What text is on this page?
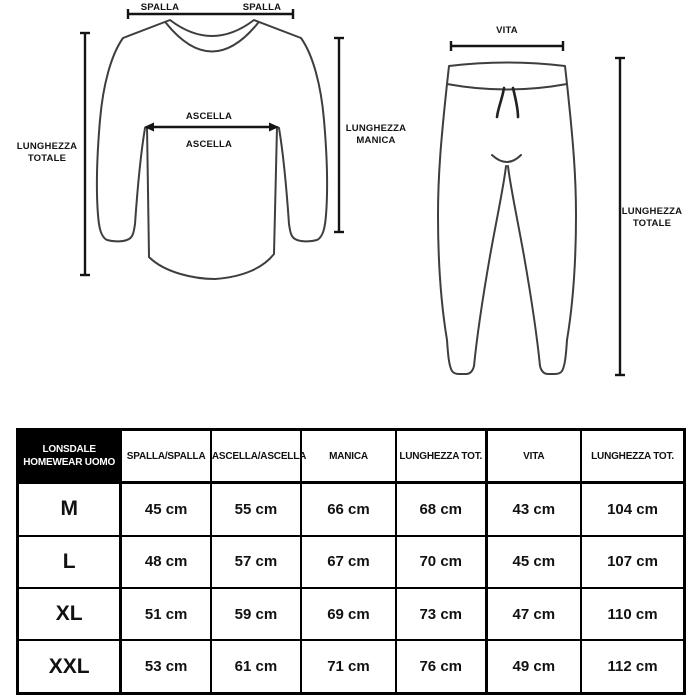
SPALLA	SPALLA
LUNGHEZZA
TOTALE
ASCELLA
ASCELLA
LUNGHEZZA
MANICA
VITA
LUNGHEZZA
TOTALE
LONSDALE HOMEWEAR UOMO	SPALLA/SPALLA	ASCELLA/ASCELLA	MANICA	LUNGHEZZA TOT.	VITA	LUNGHEZZA TOT.
M	45 cm	55 cm	66 cm	68 cm	43 cm	104 cm
L	48 cm	57 cm	67 cm	70 cm	45 cm	107 cm
XL	51 cm	59 cm	69 cm	73 cm	47 cm	110 cm
XXL	53 cm	61 cm	71 cm	76 cm	49 cm	112 cm
